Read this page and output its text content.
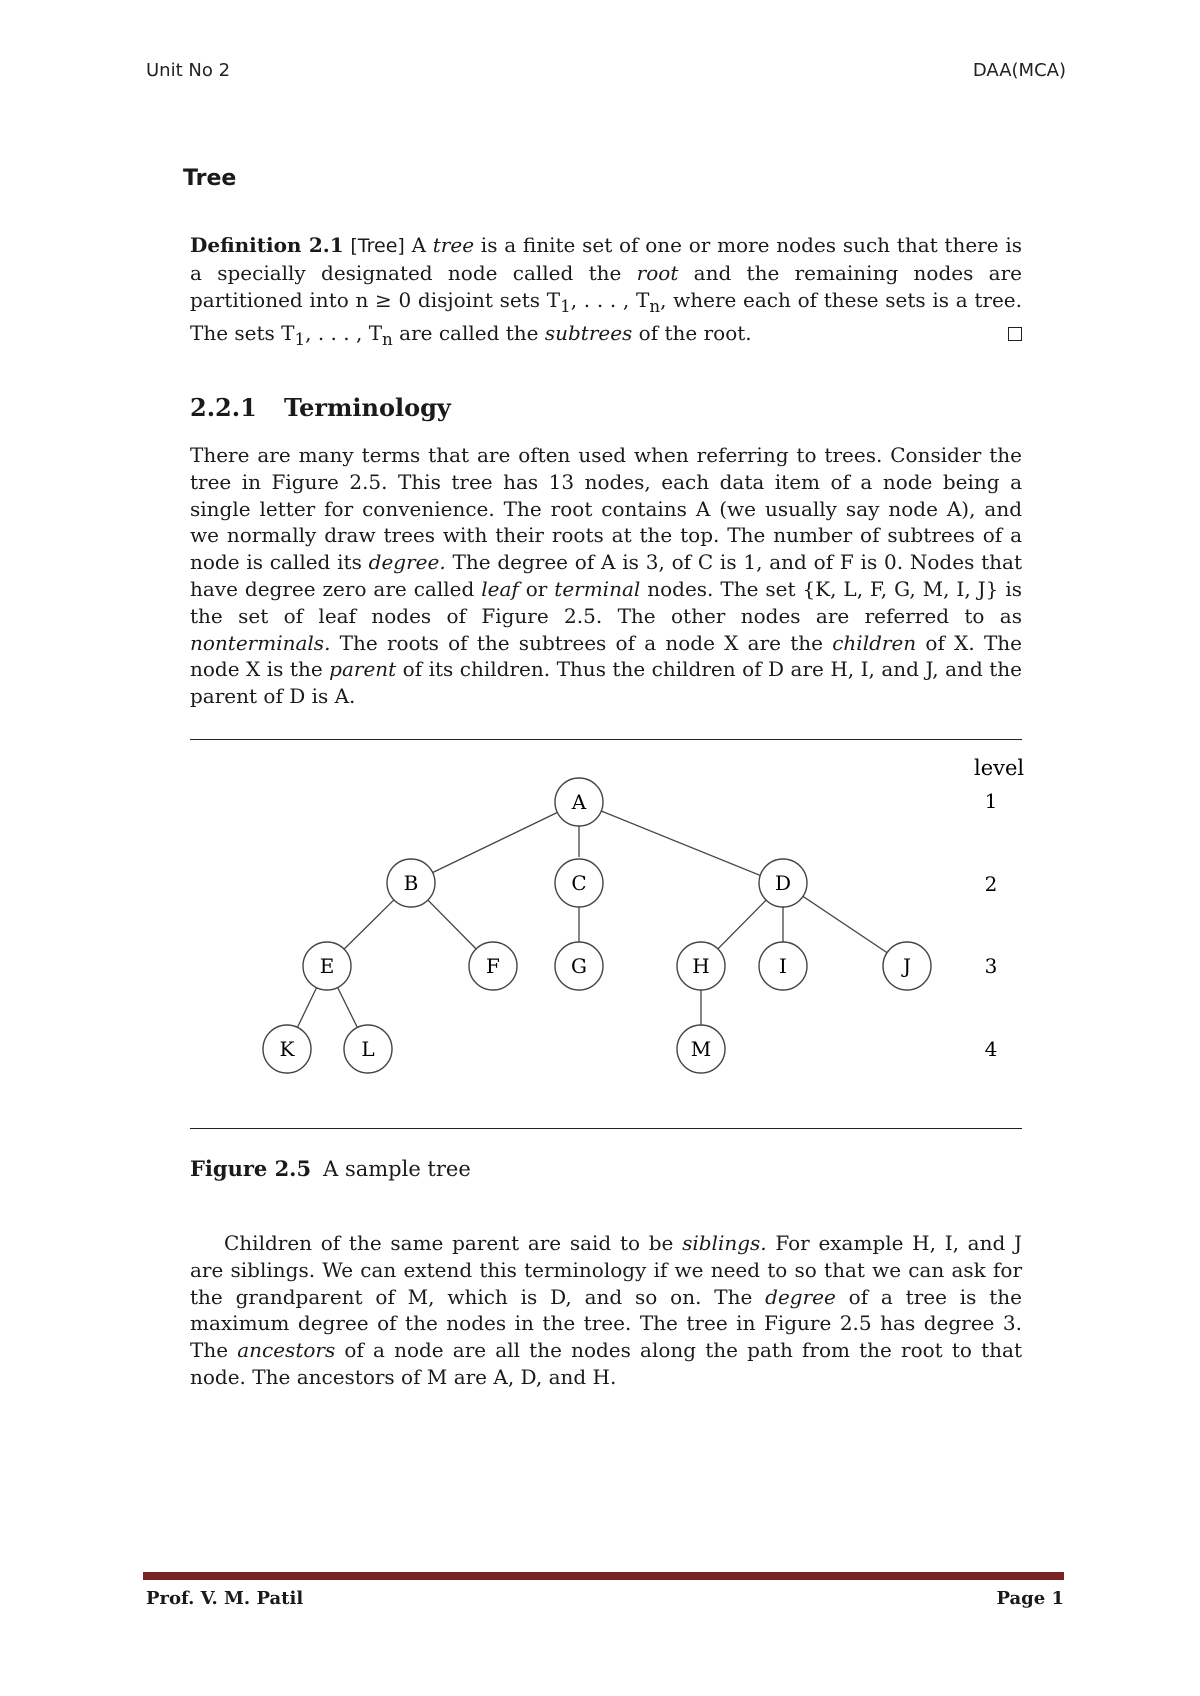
Unit No 2	DAA(MCA)
Tree
Definition 2.1 [Tree] A tree is a finite set of one or more nodes such that there is a specially designated node called the root and the remaining nodes are partitioned into n ≥ 0 disjoint sets $T_1$, . . . , $T_n$, where each of these sets is a tree. The sets $T_1$, . . . , $T_n$ are called the subtrees of the root.
2.2.1 Terminology
There are many terms that are often used when referring to trees. Consider the tree in Figure 2.5. This tree has 13 nodes, each data item of a node being a single letter for convenience. The root contains A (we usually say node A), and we normally draw trees with their roots at the top. The number of subtrees of a node is called its degree. The degree of A is 3, of C is 1, and of F is 0. Nodes that have degree zero are called leaf or terminal nodes. The set {K, L, F, G, M, I, J} is the set of leaf nodes of Figure 2.5. The other nodes are referred to as nonterminals. The roots of the subtrees of a node X are the children of X. The node X is the parent of its children. Thus the children of D are H, I, and J, and the parent of D is A.
A
B	C	D
E	F	G	H	I	J
K	L	M
level
1
2
3
4
Figure 2.5 A sample tree
Children of the same parent are said to be siblings. For example H, I, and J are siblings. We can extend this terminology if we need to so that we can ask for the grandparent of M, which is D, and so on. The degree of a tree is the maximum degree of the nodes in the tree. The tree in Figure 2.5 has degree 3. The ancestors of a node are all the nodes along the path from the root to that node. The ancestors of M are A, D, and H.
Prof. V. M. Patil	Page 1
